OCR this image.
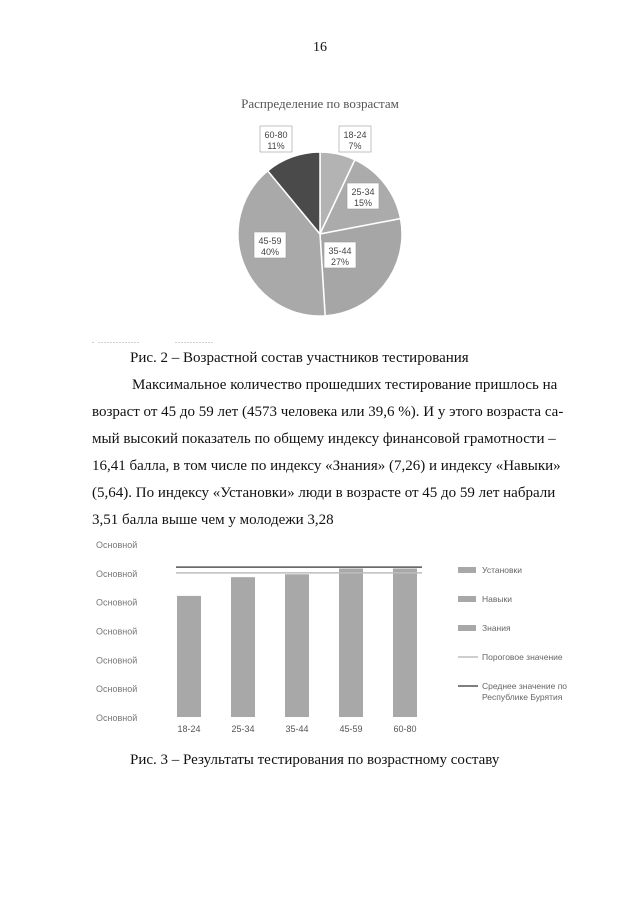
16
Распределение по возрастам
18-24
7%
25-34
15%
35-44
27%
45-59
40%
60-80
11%
. ..............	.............
Рис. 2 – Возрастной состав участников тестирования

Максимальное количество прошедших тестирование пришлось на

возраст от 45 до 59 лет (4573 человека или 39,6 %). И у этого возраста са-

мый высокий показатель по общему индексу финансовой грамотности –

16,41 балла, в том числе по индексу «Знания» (7,26) и индексу «Навыки»

(5,64). По индексу «Установки» люди в возрасте от 45 до 59 лет набрали

3,51 балла выше чем у молодежи 3,28

Основной
Основной
Основной
Основной
Основной
Основной
Основной
18-24	25-34	35-44	45-59	60-80
Установки
Навыки
Знания
Пороговое значение
Среднее значение по
Республике Бурятия
Рис. 3 – Результаты тестирования по возрастному составу
